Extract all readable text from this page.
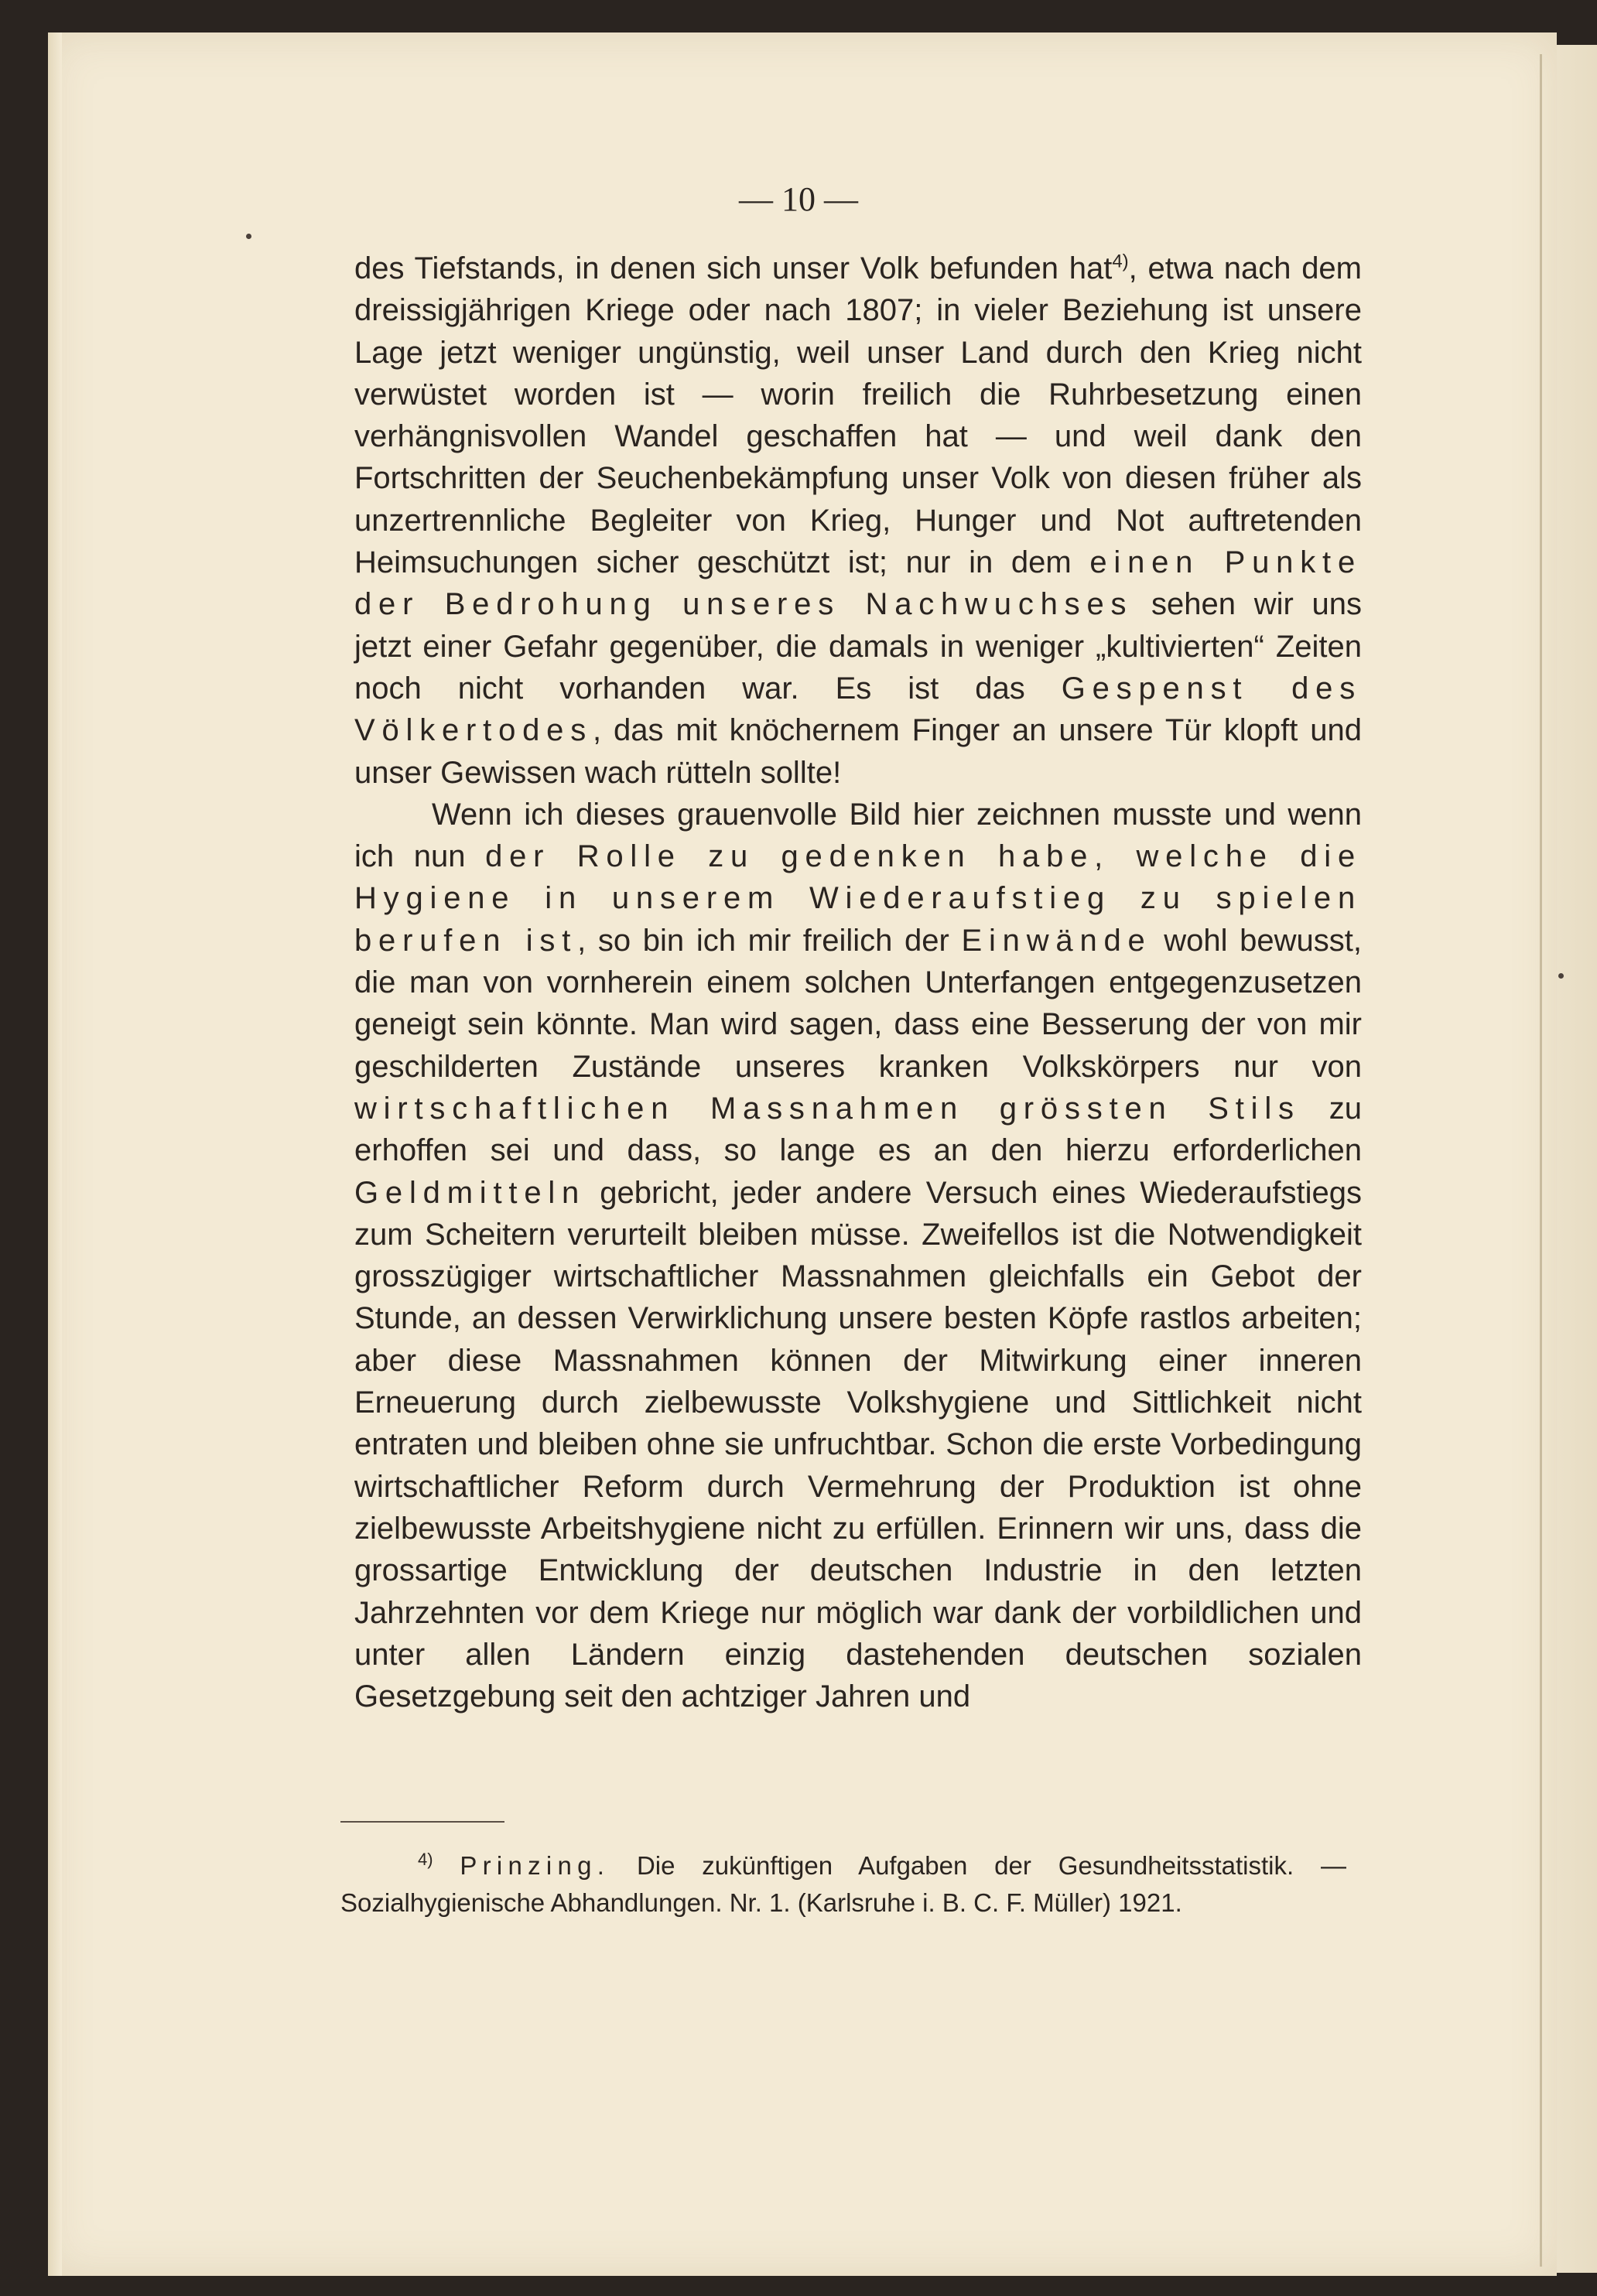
— 10 —

des Tiefstands, in denen sich unser Volk befunden hat$^{4)}$, etwa nach dem dreissigjährigen Kriege oder nach 1807; in vieler Beziehung ist unsere Lage jetzt weniger ungünstig, weil unser Land durch den Krieg nicht verwüstet worden ist — worin freilich die Ruhrbesetzung einen verhängnisvollen Wandel geschaffen hat — und weil dank den Fortschritten der Seuchenbekämpfung unser Volk von diesen früher als unzertrennliche Begleiter von Krieg, Hunger und Not auftretenden Heimsuchungen sicher geschützt ist; nur in dem einen Punkte der Bedrohung unseres Nachwuchses sehen wir uns jetzt einer Gefahr gegenüber, die damals in weniger „kultivierten“ Zeiten noch nicht vorhanden war. Es ist das Gespenst des Völkertodes, das mit knöchernem Finger an unsere Tür klopft und unser Gewissen wach rütteln sollte!

Wenn ich dieses grauenvolle Bild hier zeichnen musste und wenn ich nun der Rolle zu gedenken habe, welche die Hygiene in unserem Wiederaufstieg zu spielen berufen ist, so bin ich mir freilich der Einwände wohl bewusst, die man von vornherein einem solchen Unterfangen entgegenzusetzen geneigt sein könnte. Man wird sagen, dass eine Besserung der von mir geschilderten Zustände unseres kranken Volkskörpers nur von wirtschaftlichen Massnahmen grössten Stils zu erhoffen sei und dass, so lange es an den hierzu erforderlichen Geldmitteln gebricht, jeder andere Versuch eines Wiederaufstiegs zum Scheitern verurteilt bleiben müsse. Zweifellos ist die Notwendigkeit grosszügiger wirtschaftlicher Massnahmen gleichfalls ein Gebot der Stunde, an dessen Verwirklichung unsere besten Köpfe rastlos arbeiten; aber diese Massnahmen können der Mitwirkung einer inneren Erneuerung durch zielbewusste Volkshygiene und Sittlichkeit nicht entraten und bleiben ohne sie unfruchtbar. Schon die erste Vorbedingung wirtschaftlicher Reform durch Vermehrung der Produktion ist ohne zielbewusste Arbeitshygiene nicht zu erfüllen. Erinnern wir uns, dass die grossartige Entwicklung der deutschen Industrie in den letzten Jahrzehnten vor dem Kriege nur möglich war dank der vorbildlichen und unter allen Ländern einzig dastehenden deutschen sozialen Gesetzgebung seit den achtziger Jahren und

$^{4)}$ Prinzing. Die zukünftigen Aufgaben der Gesundheitsstatistik. — Sozialhygienische Abhandlungen. Nr. 1. (Karlsruhe i. B. C. F. Müller) 1921.
